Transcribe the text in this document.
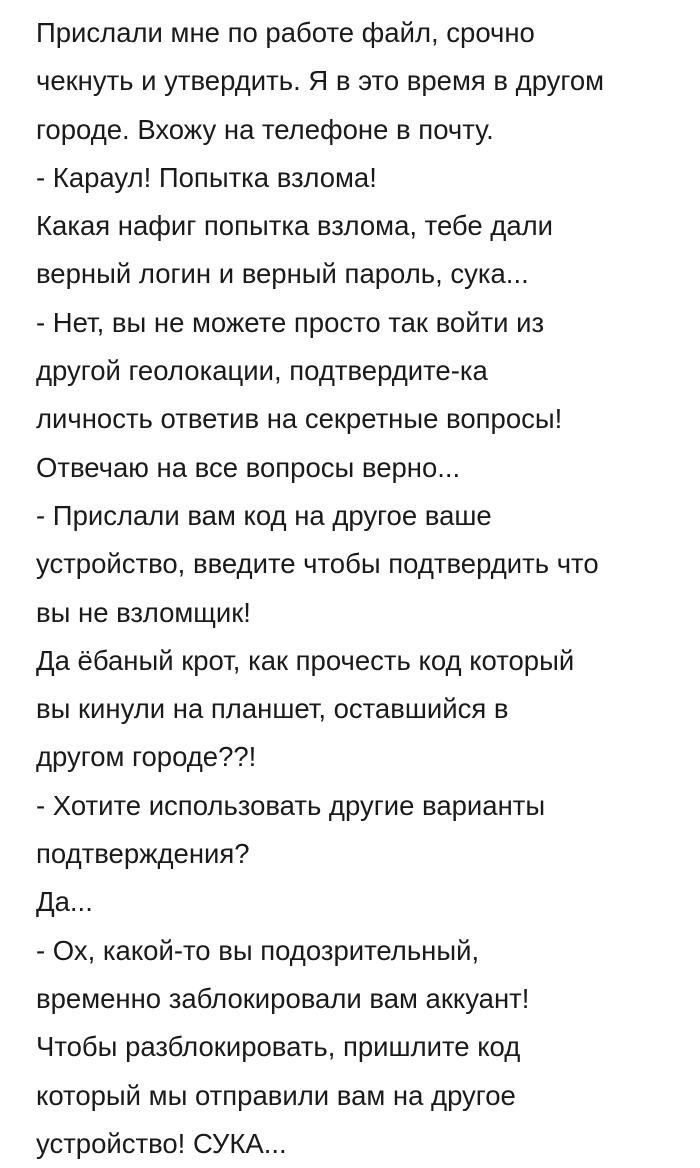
Прислали мне по работе файл, срочно
чекнуть и утвердить. Я в это время в другом
городе. Вхожу на телефоне в почту.
- Караул! Попытка взлома!
Какая нафиг попытка взлома, тебе дали
верный логин и верный пароль, сука...
- Нет, вы не можете просто так войти из
другой геолокации, подтвердите-ка
личность ответив на секретные вопросы!
Отвечаю на все вопросы верно...
- Прислали вам код на другое ваше
устройство, введите чтобы подтвердить что
вы не взломщик!
Да ёбаный крот, как прочесть код который
вы кинули на планшет, оставшийся в
другом городе??!
- Хотите использовать другие варианты
подтверждения?
Да...
- Ох, какой-то вы подозрительный,
временно заблокировали вам аккуант!
Чтобы разблокировать, пришлите код
который мы отправили вам на другое
устройство! СУКА...
